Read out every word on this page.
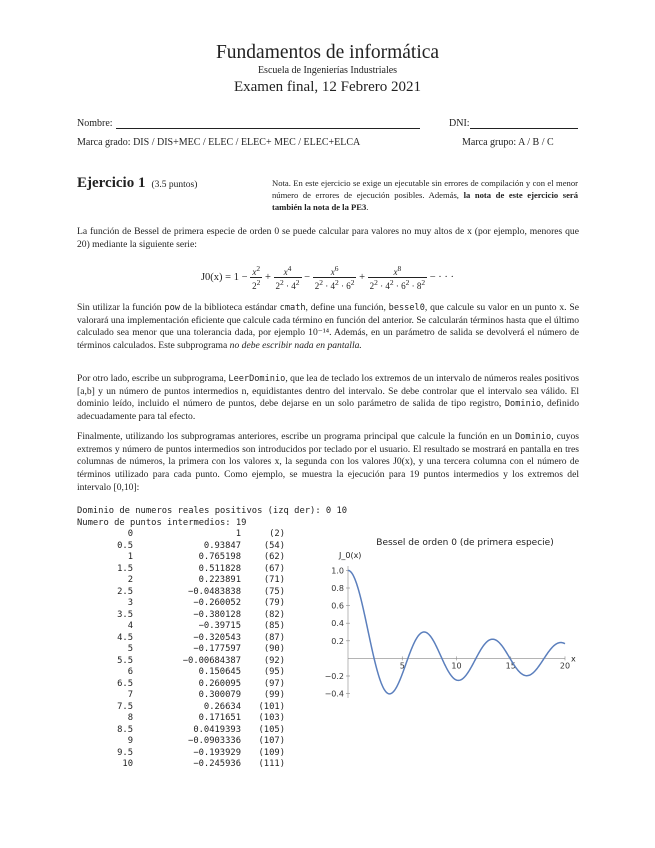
Fundamentos de informática
Escuela de Ingenierías Industriales
Examen final, 12 Febrero 2021
Nombre:	DNI:
Marca grado: DIS / DIS+MEC / ELEC / ELEC+ MEC / ELEC+ELCA	Marca grupo: A / B / C
Ejercicio 1 (3.5 puntos)	Nota. En este ejercicio se exige un ejecutable sin errores de compilación y con el menor número de errores de ejecución posibles. Además, la nota de este ejercicio será también la nota de la PE3.
La función de Bessel de primera especie de orden 0 se puede calcular para valores no muy altos de x (por ejemplo, menores que 20) mediante la siguiente serie:
$J0(x) = 1 - \frac{x^2}{2^2} + \frac{x^4}{2^2 \cdot 4^2} - \frac{x^6}{2^2 \cdot 4^2 \cdot 6^2} + \frac{x^8}{2^2 \cdot 4^2 \cdot 6^2 \cdot 8^2}$ − · · ·
Sin utilizar la función pow de la biblioteca estándar cmath, define una función, bessel0, que calcule su valor en un punto x. Se valorará una implementación eficiente que calcule cada término en función del anterior. Se calcularán términos hasta que el último calculado sea menor que una tolerancia dada, por ejemplo 10⁻¹⁴. Además, en un parámetro de salida se devolverá el número de términos calculados. Este subprograma no debe escribir nada en pantalla.
Por otro lado, escribe un subprograma, LeerDominio, que lea de teclado los extremos de un intervalo de números reales positivos [a,b] y un número de puntos intermedios n, equidistantes dentro del intervalo. Se debe controlar que el intervalo sea válido. El dominio leído, incluido el número de puntos, debe dejarse en un solo parámetro de salida de tipo registro, Dominio, definido adecuadamente para tal efecto.
Finalmente, utilizando los subprogramas anteriores, escribe un programa principal que calcule la función en un Dominio, cuyos extremos y número de puntos intermedios son introducidos por teclado por el usuario. El resultado se mostrará en pantalla en tres columnas de números, la primera con los valores x, la segunda con los valores J0(x), y una tercera columna con el número de términos utilizado para cada punto. Como ejemplo, se muestra la ejecución para 19 puntos intermedios y los extremos del intervalo [0,10]:
Dominio de numeros reales positivos (izq der): 0 10
Numero de puntos intermedios: 19
0	1	(2)
0.5	0.93847	(54)
1	0.765198	(62)
1.5	0.511828	(67)
2	0.223891	(71)
2.5	−0.0483838	(75)
3	−0.260052	(79)
3.5	−0.380128	(82)
4	−0.39715	(85)
4.5	−0.320543	(87)
5	−0.177597	(90)
5.5	−0.00684387	(92)
6	0.150645	(95)
6.5	0.260095	(97)
7	0.300079	(99)
7.5	0.26634 (101)
8	0.171651 (103)
8.5	0.0419393 (105)
9	−0.0903336 (107)
9.5	−0.193929 (109)
10	−0.245936 (111)
Bessel de orden 0 (de primera especie)
J_0(x)
x
5	10	15	20
−0.4
−0.2
0.2
0.4
0.6
0.8
1.0
